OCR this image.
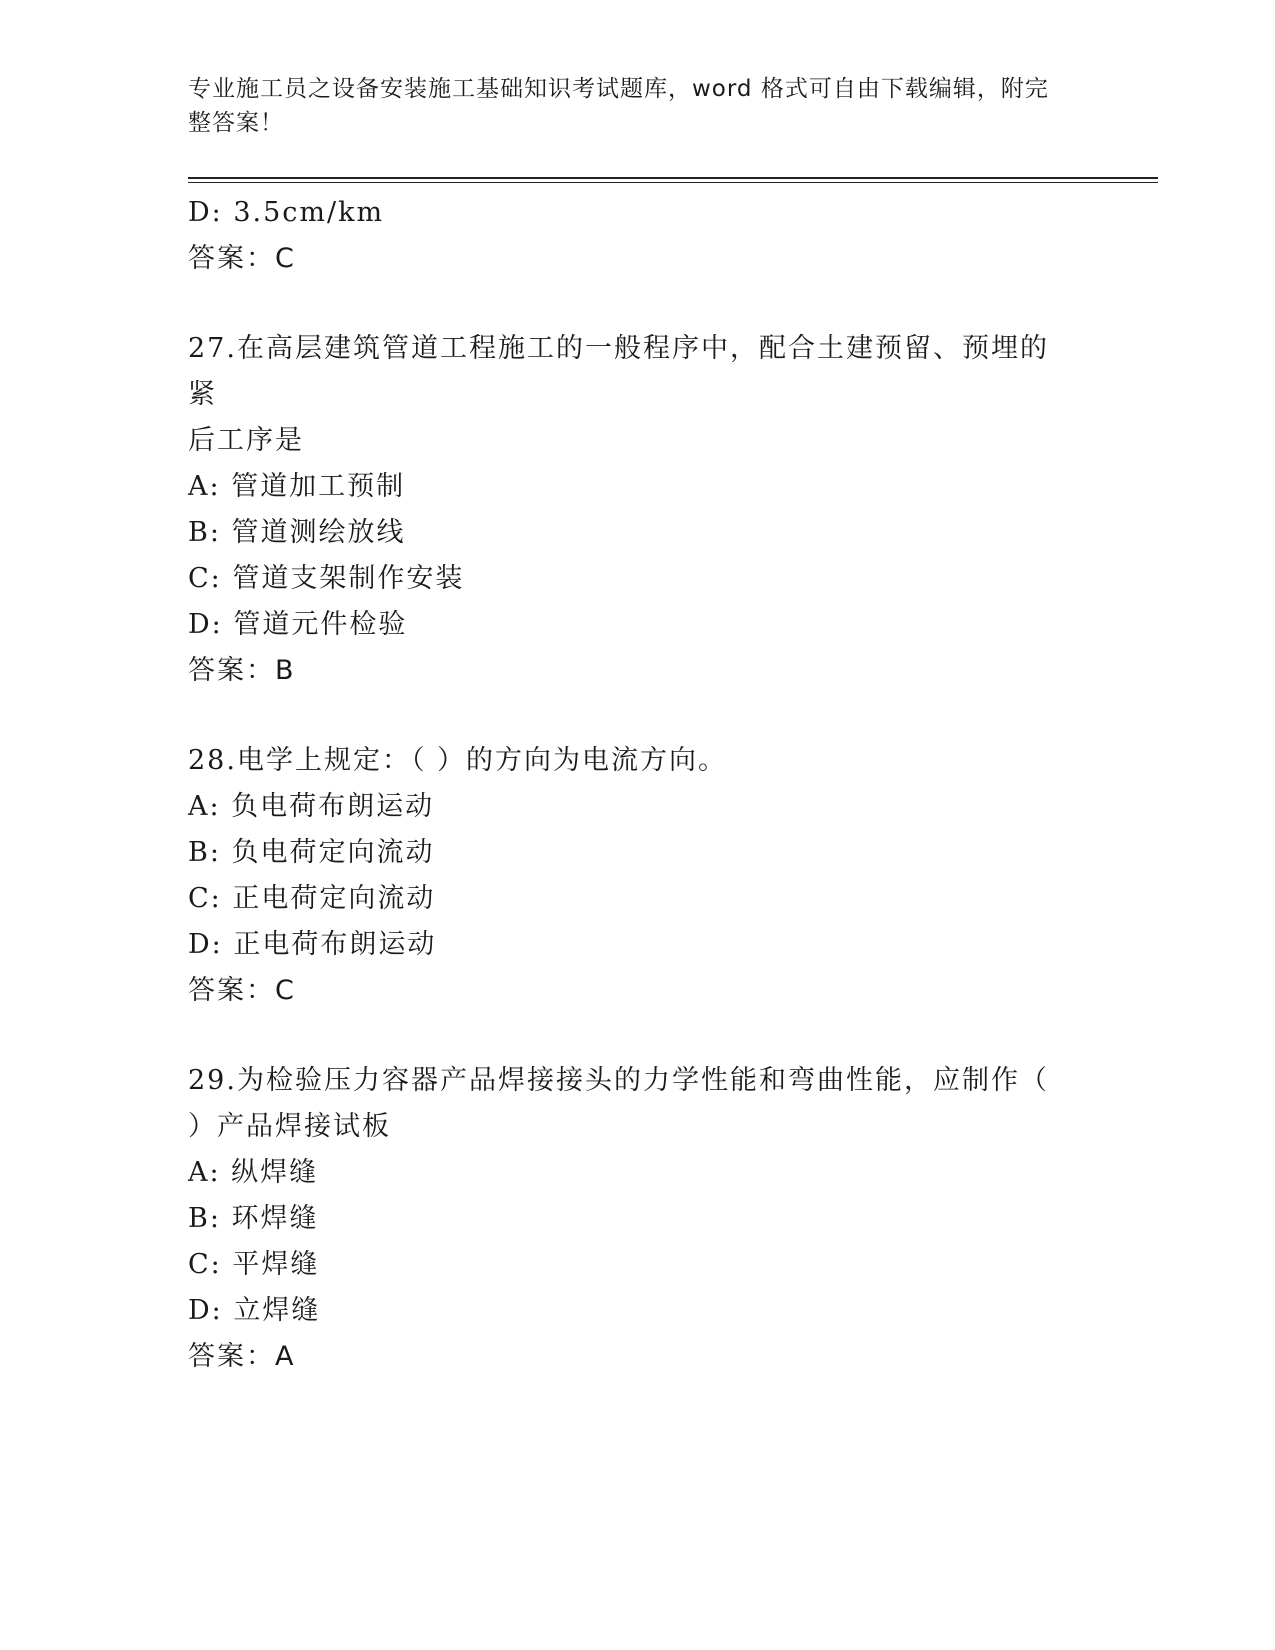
专业施工员之设备安装施工基础知识考试题库，word 格式可自由下载编辑，附完
整答案！
D: 3.5cm/km
答案：C
27.在高层建筑管道工程施工的一般程序中，配合土建预留、预埋的紧
后工序是
A: 管道加工预制
B: 管道测绘放线
C: 管道支架制作安装
D: 管道元件检验
答案：B
28.电学上规定：（ ）的方向为电流方向。
A: 负电荷布朗运动
B: 负电荷定向流动
C: 正电荷定向流动
D: 正电荷布朗运动
答案：C
29.为检验压力容器产品焊接接头的力学性能和弯曲性能，应制作（
）产品焊接试板
A: 纵焊缝
B: 环焊缝
C: 平焊缝
D: 立焊缝
答案：A
